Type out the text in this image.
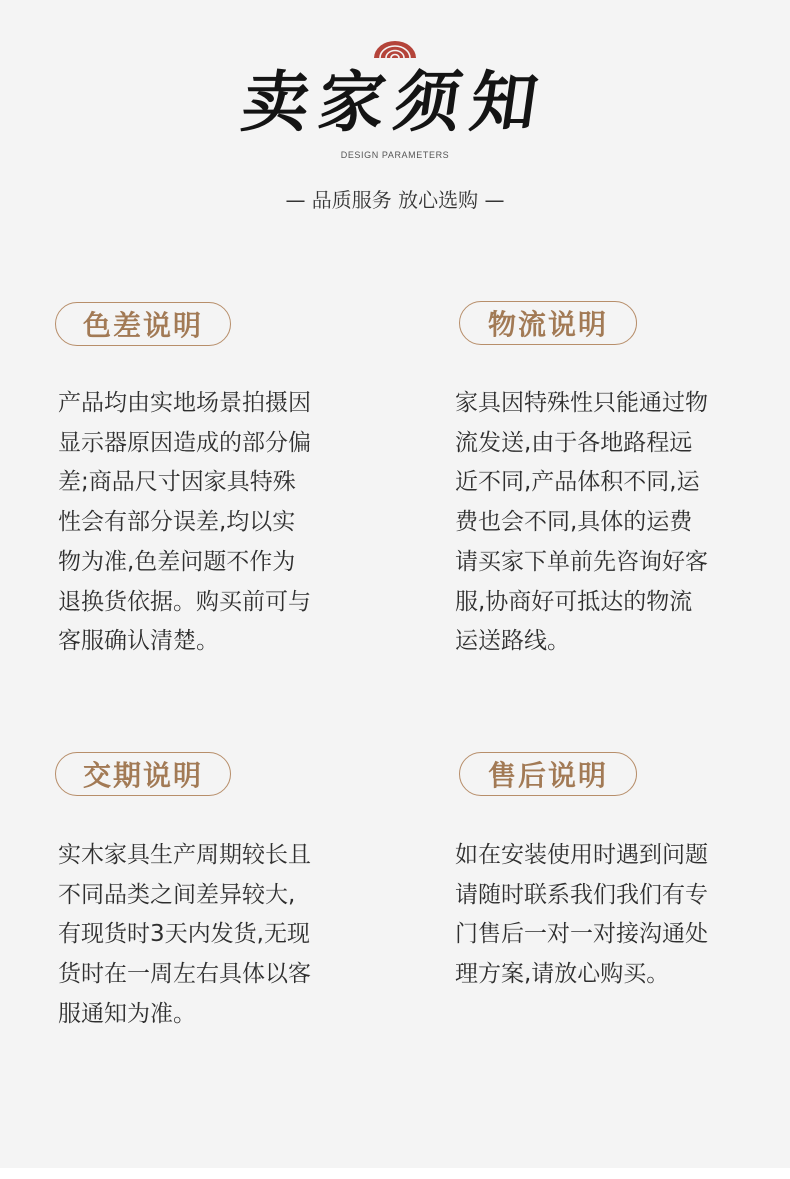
卖家须知
DESIGN PARAMETERS
— 品质服务 放心选购 —
色差说明
产品均由实地场景拍摄因
显示器原因造成的部分偏
差;商品尺寸因家具特殊
性会有部分误差,均以实
物为准,色差问题不作为
退换货依据。购买前可与
客服确认清楚。
物流说明
家具因特殊性只能通过物
流发送,由于各地路程远
近不同,产品体积不同,运
费也会不同,具体的运费
请买家下单前先咨询好客
服,协商好可抵达的物流
运送路线。
交期说明
实木家具生产周期较长且
不同品类之间差异较大,
有现货时3天内发货,无现
货时在一周左右具体以客
服通知为准。
售后说明
如在安装使用时遇到问题
请随时联系我们我们有专
门售后一对一对接沟通处
理方案,请放心购买。
